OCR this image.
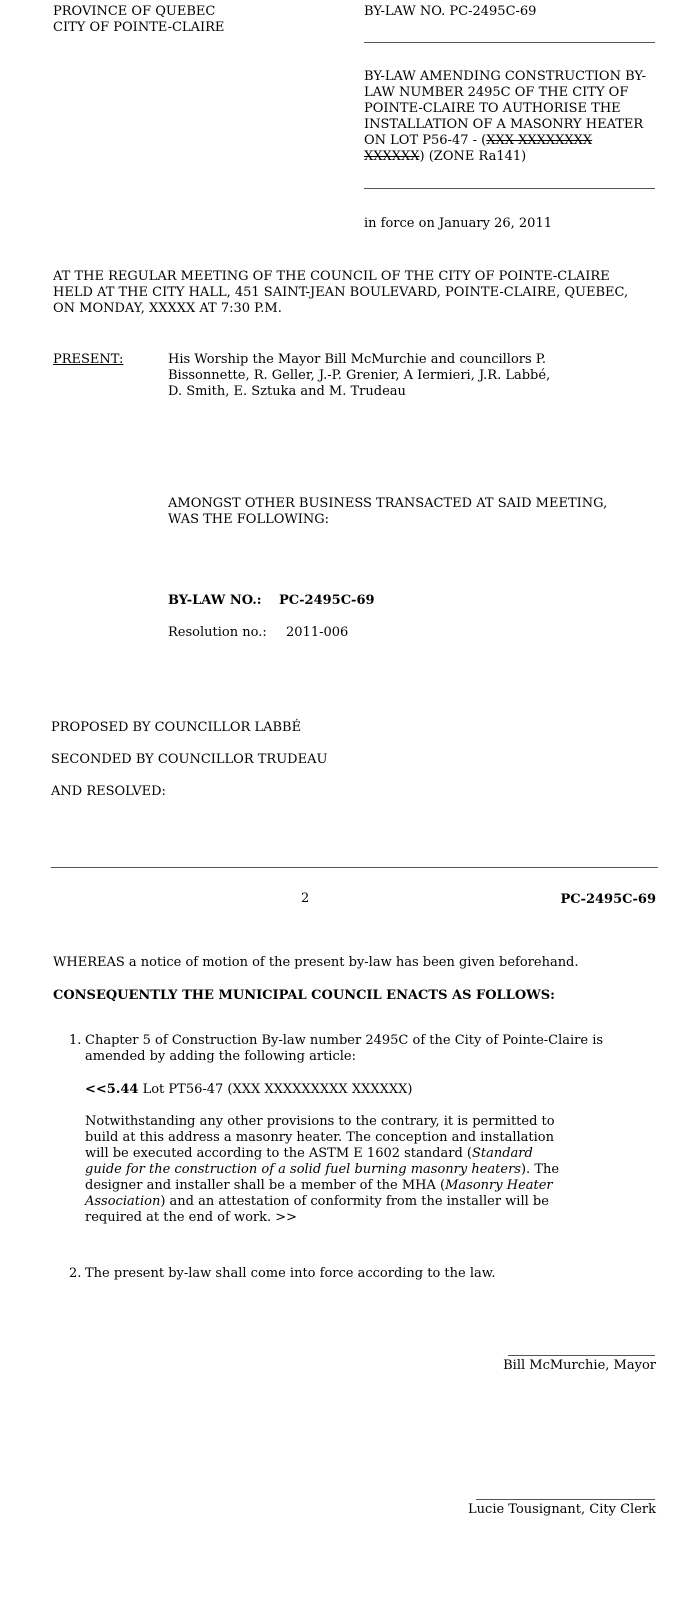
PROVINCE OF QUEBEC
CITY OF POINTE-CLAIRE
BY-LAW NO. PC-2495C-69
BY-LAW AMENDING CONSTRUCTION BY-LAW NUMBER 2495C OF THE CITY OF POINTE-CLAIRE TO AUTHORISE THE INSTALLATION OF A MASONRY HEATER ON LOT P56-47 - (XXX XXXXXXXX XXXXXX) (ZONE Ra141)
in force on January 26, 2011
AT THE REGULAR MEETING OF THE COUNCIL OF THE CITY OF POINTE-CLAIRE HELD AT THE CITY HALL, 451 SAINT-JEAN BOULEVARD, POINTE-CLAIRE, QUEBEC, ON MONDAY, XXXXX AT 7:30 P.M.
PRESENT:	His Worship the Mayor Bill McMurchie and councillors P. Bissonnette, R. Geller, J.-P. Grenier, A Iermieri, J.R. Labbé, D. Smith, E. Sztuka and M. Trudeau
AMONGST OTHER BUSINESS TRANSACTED AT SAID MEETING, WAS THE FOLLOWING:
BY-LAW NO.: PC-2495C-69
Resolution no.: 2011-006
PROPOSED BY COUNCILLOR LABBÉ
SECONDED BY COUNCILLOR TRUDEAU
AND RESOLVED:
2	PC-2495C-69
WHEREAS a notice of motion of the present by-law has been given beforehand.
CONSEQUENTLY THE MUNICIPAL COUNCIL ENACTS AS FOLLOWS:
1. Chapter 5 of Construction By-law number 2495C of the City of Pointe-Claire is amended by adding the following article:
<<5.44 Lot PT56-47 (XXX XXXXXXXXX XXXXXX)
Notwithstanding any other provisions to the contrary, it is permitted to build at this address a masonry heater. The conception and installation will be executed according to the ASTM E 1602 standard (Standard guide for the construction of a solid fuel burning masonry heaters). The designer and installer shall be a member of the MHA (Masonry Heater Association) and an attestation of conformity from the installer will be required at the end of work. >>
2. The present by-law shall come into force according to the law.
Bill McMurchie, Mayor
Lucie Tousignant, City Clerk
